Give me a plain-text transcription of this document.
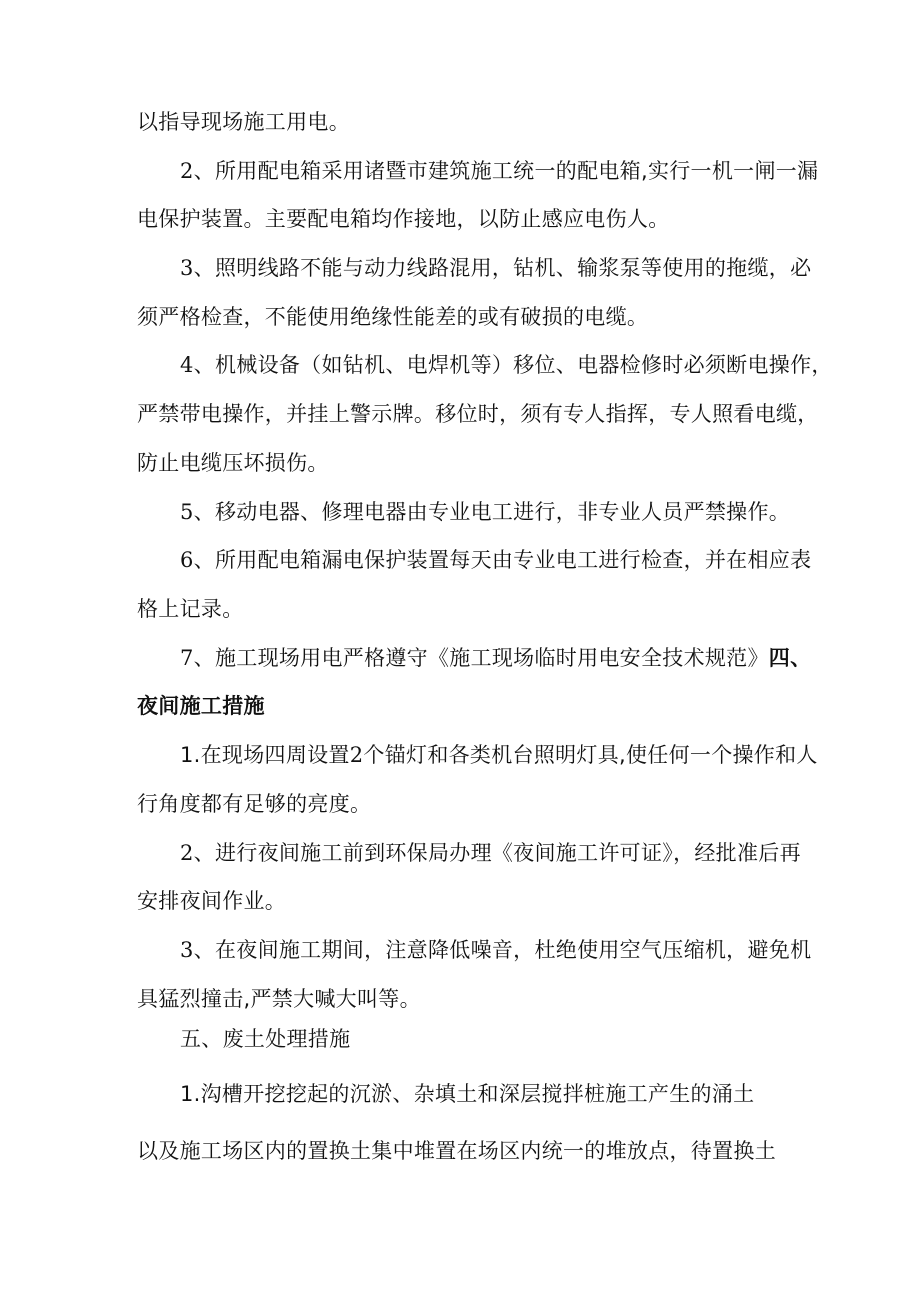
以指导现场施工用电。

2、所用配电箱采用诸暨市建筑施工统一的配电箱,实行一机一闸一漏

电保护装置。主要配电箱均作接地，以防止感应电伤人。

3、照明线路不能与动力线路混用，钻机、输浆泵等使用的拖缆，必

须严格检查，不能使用绝缘性能差的或有破损的电缆。

4、机械设备（如钻机、电焊机等）移位、电器检修时必须断电操作，

严禁带电操作，并挂上警示牌。移位时，须有专人指挥，专人照看电缆，

防止电缆压坏损伤。

5、移动电器、修理电器由专业电工进行，非专业人员严禁操作。

6、所用配电箱漏电保护装置每天由专业电工进行检查，并在相应表

格上记录。

7、施工现场用电严格遵守《施工现场临时用电安全技术规范》四、

夜间施工措施

1.在现场四周设置2个锚灯和各类机台照明灯具,使任何一个操作和人

行角度都有足够的亮度。

2、进行夜间施工前到环保局办理《夜间施工许可证》，经批准后再

安排夜间作业。

3、在夜间施工期间，注意降低噪音，杜绝使用空气压缩机，避免机

具猛烈撞击,严禁大喊大叫等。

五、废土处理措施

1.沟槽开挖挖起的沉淤、杂填土和深层搅拌桩施工产生的涌土

以及施工场区内的置换土集中堆置在场区内统一的堆放点，待置换土
